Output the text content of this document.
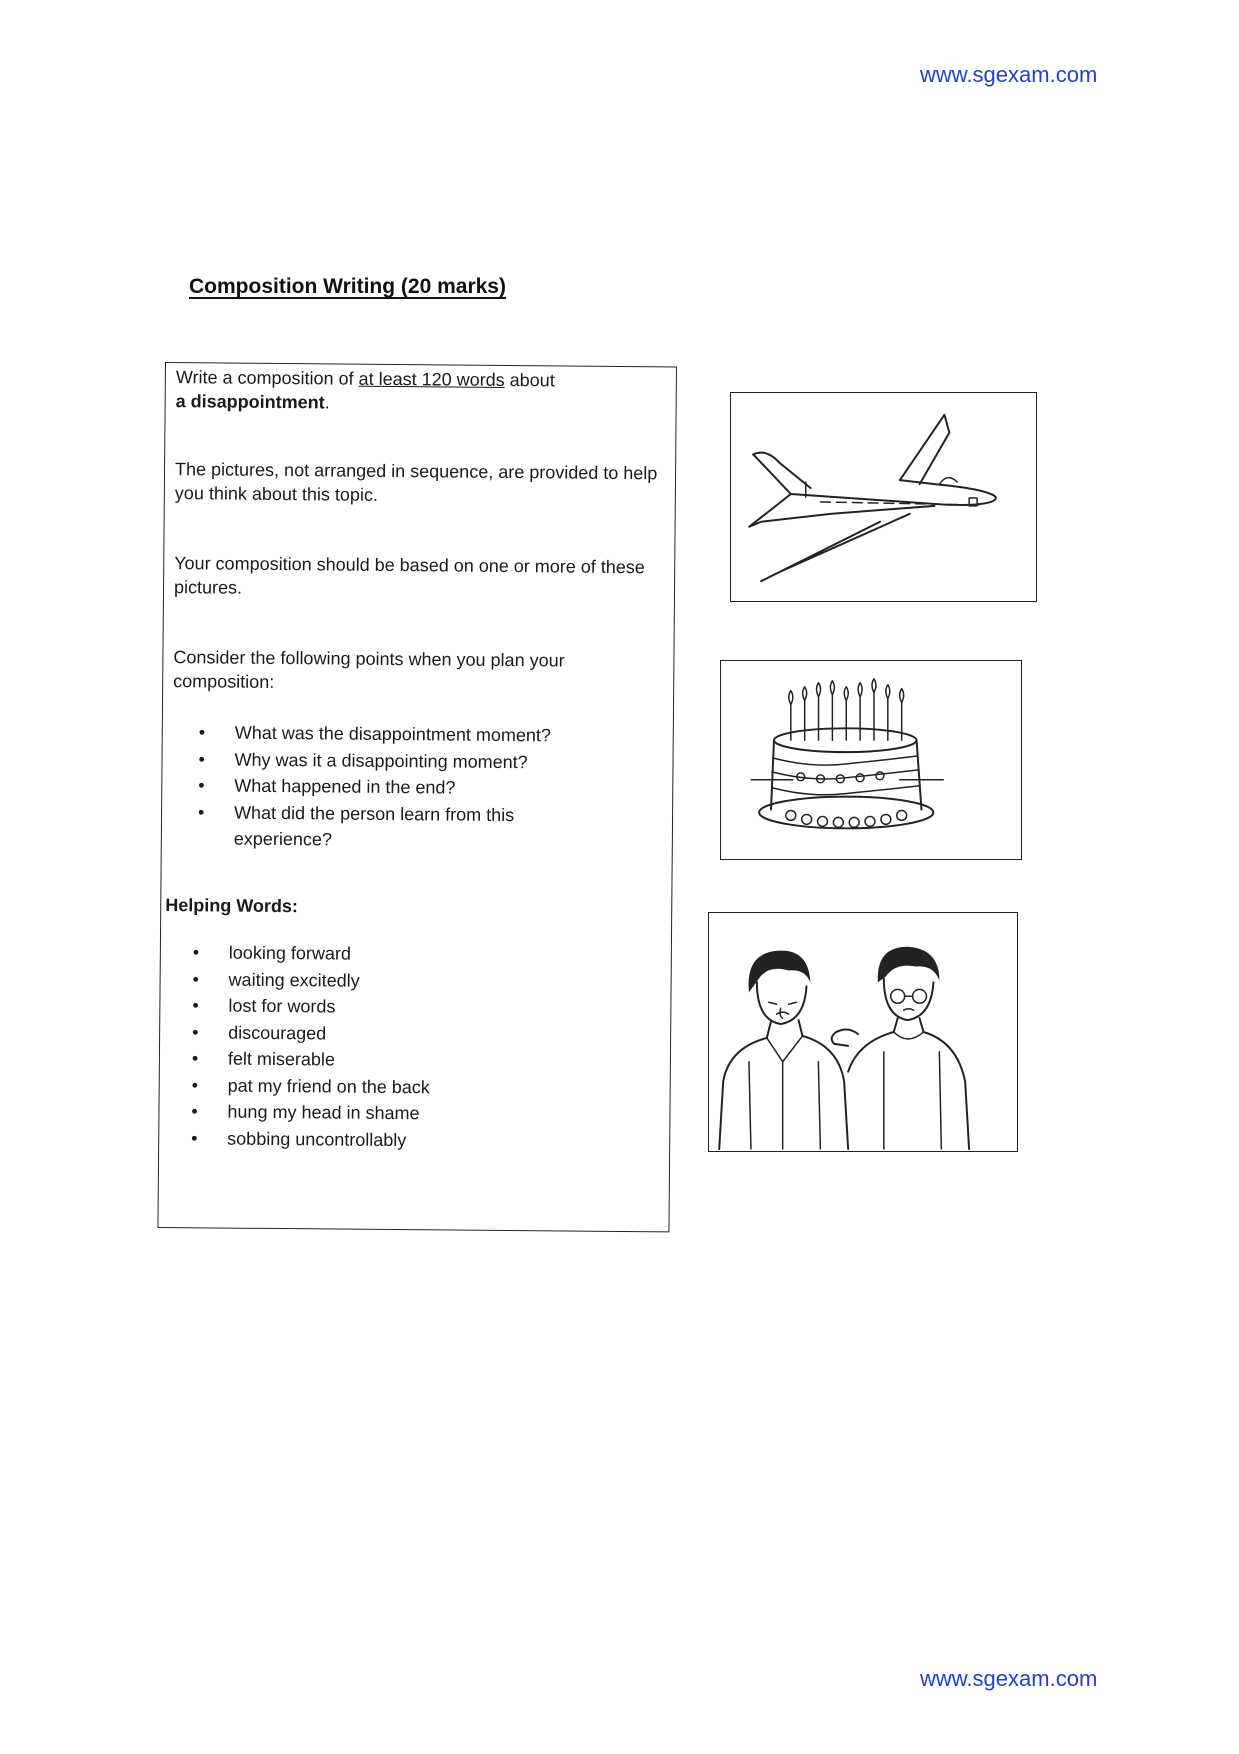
www.sgexam.com
Composition Writing (20 marks)

Write a composition of at least 120 words about
a disappointment.

The pictures, not arranged in sequence, are provided to help you think about this topic.

Your composition should be based on one or more of these pictures.

Consider the following points when you plan your composition:

• What was the disappointment moment?
• Why was it a disappointing moment?
• What happened in the end?
• What did the person learn from this experience?
Helping Words:
• looking forward
• waiting excitedly
• lost for words
• discouraged
• felt miserable
• pat my friend on the back
• hung my head in shame
• sobbing uncontrollably
www.sgexam.com
